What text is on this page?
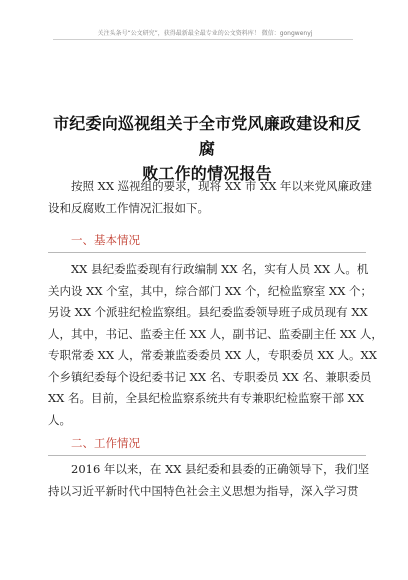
关注头条号“公文研究”，获得最新最全最专业的公文资料库！ 微信：gongwenyj
市纪委向巡视组关于全市党风廉政建设和反腐
败工作的情况报告
按照 XX 巡视组的要求，现将 XX 市 XX 年以来党风廉政建
设和反腐败工作情况汇报如下。
一、基本情况
XX 县纪委监委现有行政编制 XX 名，实有人员 XX 人。机
关内设 XX 个室，其中，综合部门 XX 个，纪检监察室 XX 个；
另设 XX 个派驻纪检监察组。县纪委监委领导班子成员现有 XX
人，其中，书记、监委主任 XX 人，副书记、监委副主任 XX 人，
专职常委 XX 人，常委兼监委委员 XX 人，专职委员 XX 人。XX
个乡镇纪委每个设纪委书记 XX 名、专职委员 XX 名、兼职委员
XX 名。目前，全县纪检监察系统共有专兼职纪检监察干部 XX
人。
二、工作情况
2016 年以来，在 XX 县纪委和县委的正确领导下，我们坚
持以习近平新时代中国特色社会主义思想为指导，深入学习贯
